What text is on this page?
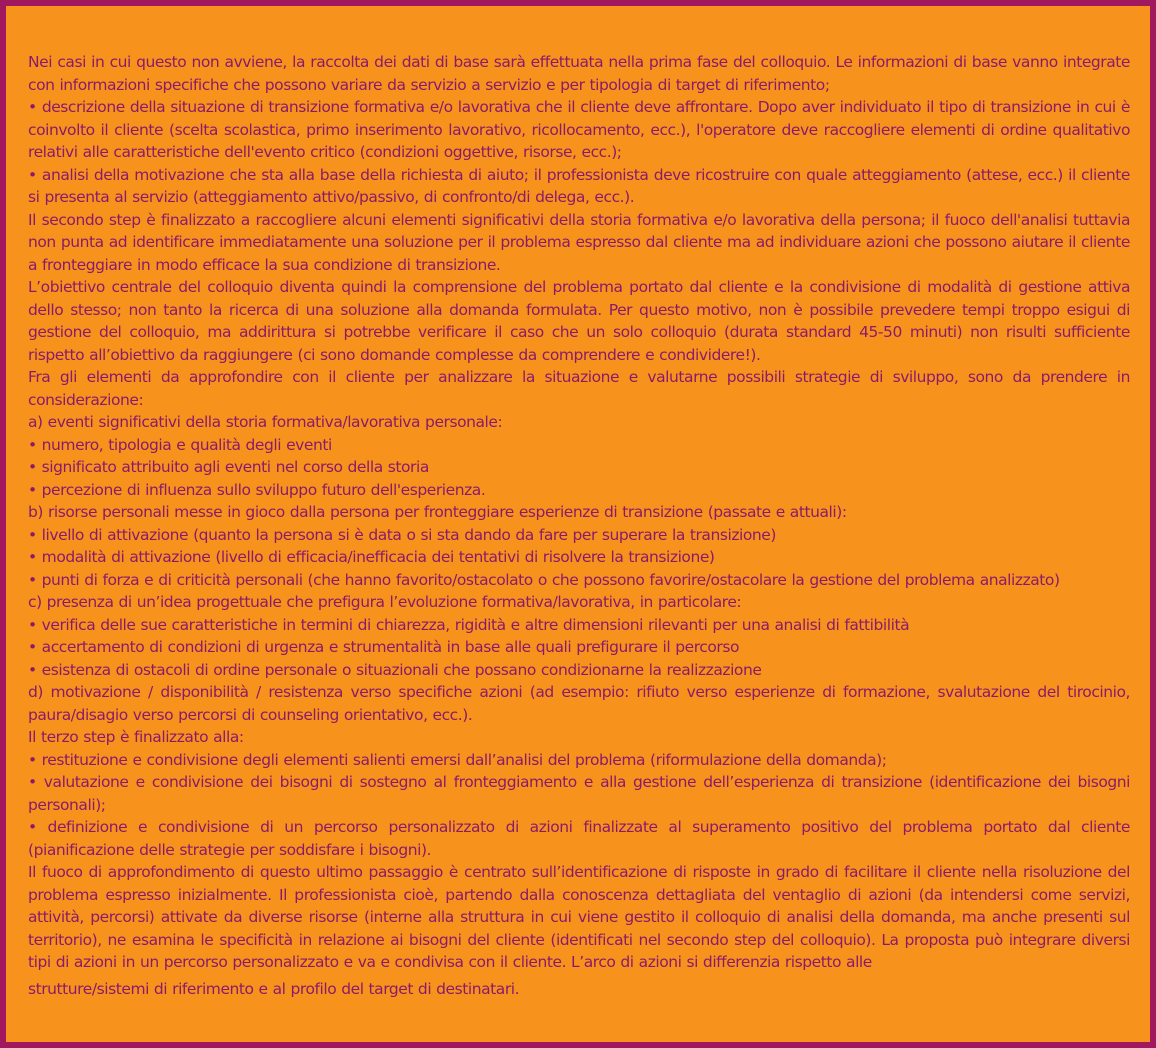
Nei casi in cui questo non avviene, la raccolta dei dati di base sarà effettuata nella prima fase del colloquio. Le informazioni di base vanno integrate con informazioni specifiche che possono variare da servizio a servizio e per tipologia di target di riferimento;

• descrizione della situazione di transizione formativa e/o lavorativa che il cliente deve affrontare. Dopo aver individuato il tipo di transizione in cui è coinvolto il cliente (scelta scolastica, primo inserimento lavorativo, ricollocamento, ecc.), l'operatore deve raccogliere elementi di ordine qualitativo relativi alle caratteristiche dell'evento critico (condizioni oggettive, risorse, ecc.);

• analisi della motivazione che sta alla base della richiesta di aiuto; il professionista deve ricostruire con quale atteggiamento (attese, ecc.) il cliente si presenta al servizio (atteggiamento attivo/passivo, di confronto/di delega, ecc.).

Il secondo step è finalizzato a raccogliere alcuni elementi significativi della storia formativa e/o lavorativa della persona; il fuoco dell'analisi tuttavia non punta ad identificare immediatamente una soluzione per il problema espresso dal cliente ma ad individuare azioni che possono aiutare il cliente a fronteggiare in modo efficace la sua condizione di transizione.

L’obiettivo centrale del colloquio diventa quindi la comprensione del problema portato dal cliente e la condivisione di modalità di gestione attiva dello stesso; non tanto la ricerca di una soluzione alla domanda formulata. Per questo motivo, non è possibile prevedere tempi troppo esigui di gestione del colloquio, ma addirittura si potrebbe verificare il caso che un solo colloquio (durata standard 45-50 minuti) non risulti sufficiente rispetto all’obiettivo da raggiungere (ci sono domande complesse da comprendere e condividere!).

Fra gli elementi da approfondire con il cliente per analizzare la situazione e valutarne possibili strategie di sviluppo, sono da prendere in considerazione:

a) eventi significativi della storia formativa/lavorativa personale:

• numero, tipologia e qualità degli eventi

• significato attribuito agli eventi nel corso della storia

• percezione di influenza sullo sviluppo futuro dell'esperienza.

b) risorse personali messe in gioco dalla persona per fronteggiare esperienze di transizione (passate e attuali):

• livello di attivazione (quanto la persona si è data o si sta dando da fare per superare la transizione)

• modalità di attivazione (livello di efficacia/inefficacia dei tentativi di risolvere la transizione)

• punti di forza e di criticità personali (che hanno favorito/ostacolato o che possono favorire/ostacolare la gestione del problema analizzato)

c) presenza di un’idea progettuale che prefigura l’evoluzione formativa/lavorativa, in particolare:

• verifica delle sue caratteristiche in termini di chiarezza, rigidità e altre dimensioni rilevanti per una analisi di fattibilità

• accertamento di condizioni di urgenza e strumentalità in base alle quali prefigurare il percorso

• esistenza di ostacoli di ordine personale o situazionali che possano condizionarne la realizzazione

d) motivazione / disponibilità / resistenza verso specifiche azioni (ad esempio: rifiuto verso esperienze di formazione, svalutazione del tirocinio, paura/disagio verso percorsi di counseling orientativo, ecc.).

Il terzo step è finalizzato alla:

• restituzione e condivisione degli elementi salienti emersi dall’analisi del problema (riformulazione della domanda);

• valutazione e condivisione dei bisogni di sostegno al fronteggiamento e alla gestione dell’esperienza di transizione (identificazione dei bisogni personali);

• definizione e condivisione di un percorso personalizzato di azioni finalizzate al superamento positivo del problema portato dal cliente (pianificazione delle strategie per soddisfare i bisogni).

Il fuoco di approfondimento di questo ultimo passaggio è centrato sull’identificazione di risposte in grado di facilitare il cliente nella risoluzione del problema espresso inizialmente. Il professionista cioè, partendo dalla conoscenza dettagliata del ventaglio di azioni (da intendersi come servizi, attività, percorsi) attivate da diverse risorse (interne alla struttura in cui viene gestito il colloquio di analisi della domanda, ma anche presenti sul territorio), ne esamina le specificità in relazione ai bisogni del cliente (identificati nel secondo step del colloquio). La proposta può integrare diversi tipi di azioni in un percorso personalizzato e va e condivisa con il cliente. L’arco di azioni si differenzia rispetto alle

strutture/sistemi di riferimento e al profilo del target di destinatari.
